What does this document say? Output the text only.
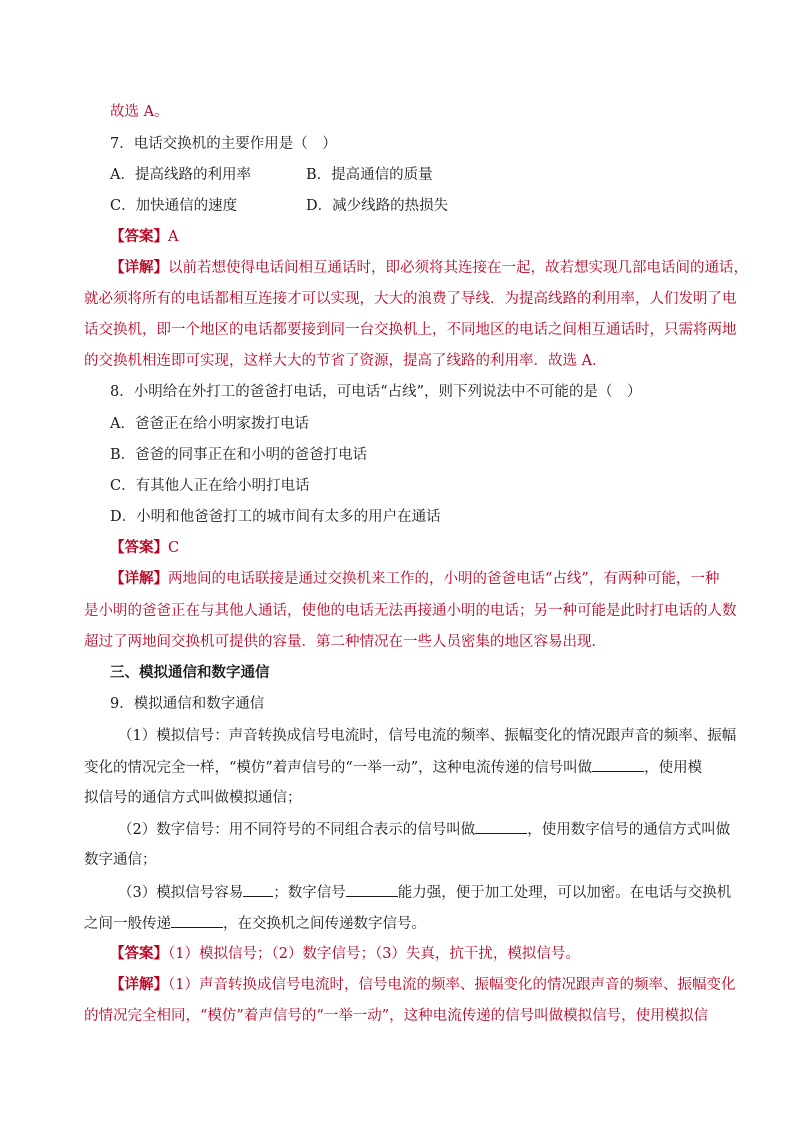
故选 A。
7．电话交换机的主要作用是（　）
A．提高线路的利用率	B．提高通信的质量
C．加快通信的速度	D．减少线路的热损失
【答案】A
【详解】以前若想使得电话间相互通话时，即必须将其连接在一起，故若想实现几部电话间的通话，
就必须将所有的电话都相互连接才可以实现，大大的浪费了导线．为提高线路的利用率，人们发明了电
话交换机，即一个地区的电话都要接到同一台交换机上，不同地区的电话之间相互通话时，只需将两地
的交换机相连即可实现，这样大大的节省了资源，提高了线路的利用率．故选 A．
8．小明给在外打工的爸爸打电话，可电话“占线”，则下列说法中不可能的是（　）
A．爸爸正在给小明家拨打电话
B．爸爸的同事正在和小明的爸爸打电话
C．有其他人正在给小明打电话
D．小明和他爸爸打工的城市间有太多的用户在通话
【答案】C
【详解】两地间的电话联接是通过交换机来工作的，小明的爸爸电话“占线”，有两种可能，一种
是小明的爸爸正在与其他人通话，使他的电话无法再接通小明的电话；另一种可能是此时打电话的人数
超过了两地间交换机可提供的容量．第二种情况在一些人员密集的地区容易出现．
三、模拟通信和数字通信
9．模拟通信和数字通信
（1）模拟信号：声音转换成信号电流时，信号电流的频率、振幅变化的情况跟声音的频率、振幅
变化的情况完全一样，“模仿”着声信号的“一举一动”，这种电流传递的信号叫做	，使用模
拟信号的通信方式叫做模拟通信；
（2）数字信号：用不同符号的不同组合表示的信号叫做	，使用数字信号的通信方式叫做
数字通信；
（3）模拟信号容易 ；数字信号	能力强，便于加工处理，可以加密。在电话与交换机
之间一般传递	，在交换机之间传递数字信号。
【答案】（1）模拟信号；（2）数字信号；（3）失真，抗干扰，模拟信号。
【详解】（1）声音转换成信号电流时，信号电流的频率、振幅变化的情况跟声音的频率、振幅变化
的情况完全相同，“模仿”着声信号的“一举一动”，这种电流传递的信号叫做模拟信号，使用模拟信
